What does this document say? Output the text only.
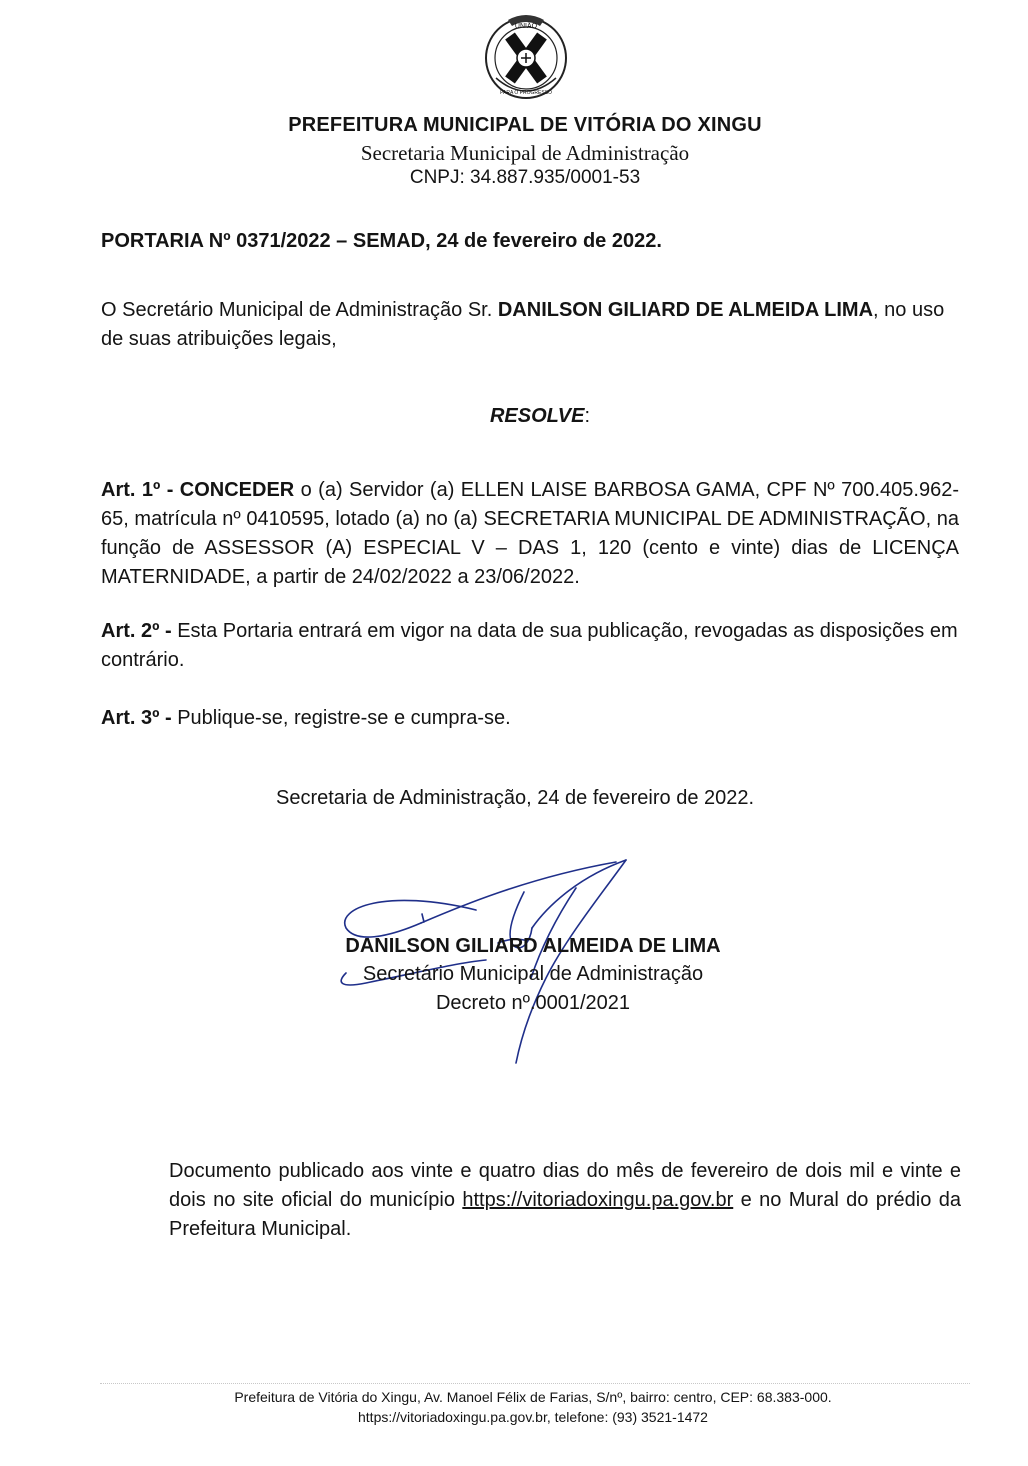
UNIÃO
PARA O PROGRESSO
PREFEITURA MUNICIPAL DE VITÓRIA DO XINGU
Secretaria Municipal de Administração
CNPJ: 34.887.935/0001-53
PORTARIA Nº 0371/2022 – SEMAD, 24 de fevereiro de 2022.
O Secretário Municipal de Administração Sr. DANILSON GILIARD DE ALMEIDA LIMA, no uso de suas atribuições legais,
RESOLVE:
Art. 1º - CONCEDER o (a) Servidor (a) ELLEN LAISE BARBOSA GAMA, CPF Nº 700.405.962-65, matrícula nº 0410595, lotado (a) no (a) SECRETARIA MUNICIPAL DE ADMINISTRAÇÃO, na função de ASSESSOR (A) ESPECIAL V – DAS 1, 120 (cento e vinte) dias de LICENÇA MATERNIDADE, a partir de 24/02/2022 a 23/06/2022.
Art. 2º - Esta Portaria entrará em vigor na data de sua publicação, revogadas as disposições em contrário.
Art. 3º - Publique-se, registre-se e cumpra-se.
Secretaria de Administração, 24 de fevereiro de 2022.
DANILSON GILIARD ALMEIDA DE LIMA
Secretário Municipal de Administração
Decreto nº.0001/2021
Documento publicado aos vinte e quatro dias do mês de fevereiro de dois mil e vinte e dois no site oficial do município https://vitoriadoxingu.pa.gov.br e no Mural do prédio da Prefeitura Municipal.
Prefeitura de Vitória do Xingu, Av. Manoel Félix de Farias, S/nº, bairro: centro, CEP: 68.383-000.
https://vitoriadoxingu.pa.gov.br, telefone: (93) 3521-1472
